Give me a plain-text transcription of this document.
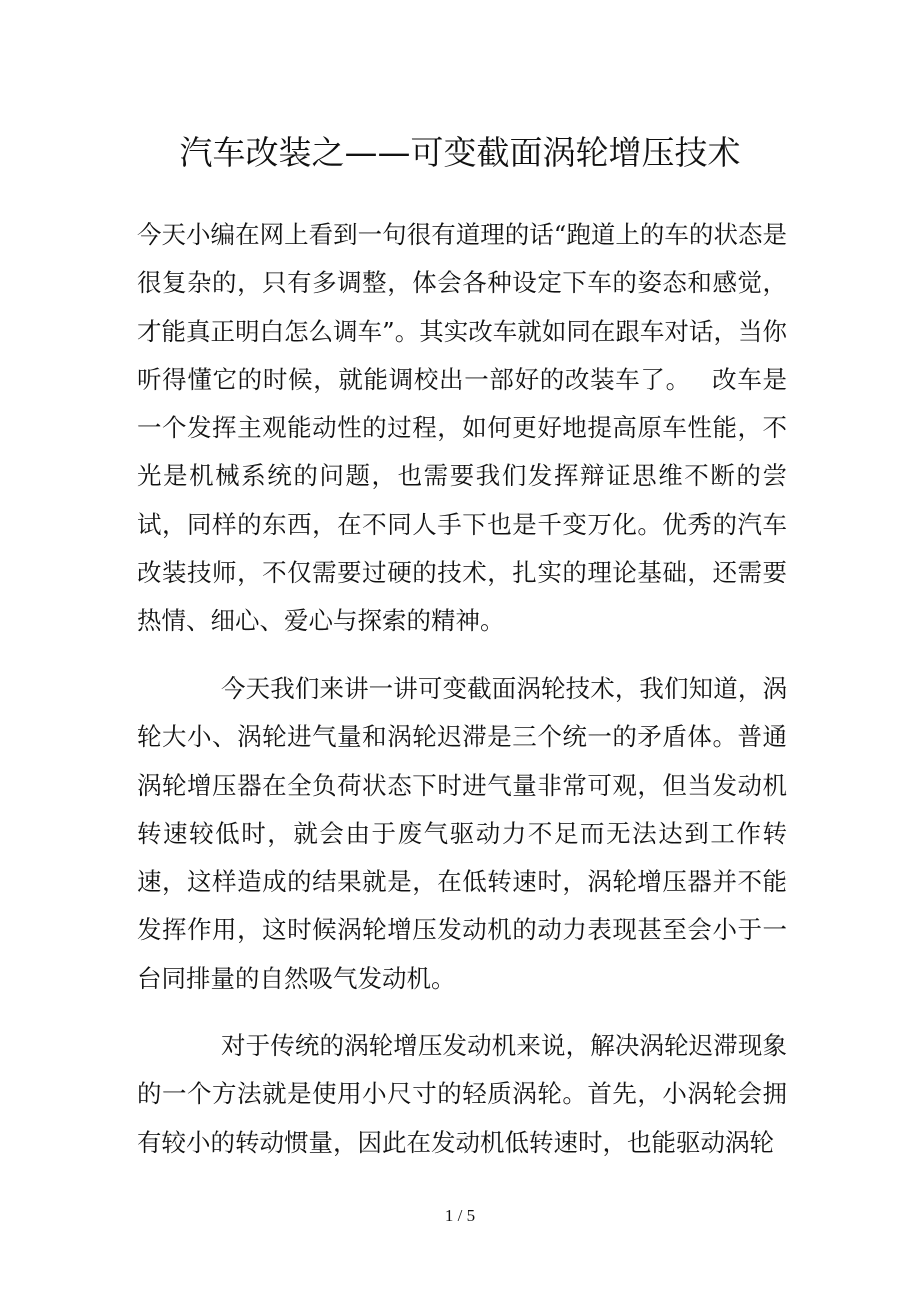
汽车改装之——可变截面涡轮增压技术

今天小编在网上看到一句很有道理的话“跑道上的车的状态是很复杂的，只有多调整，体会各种设定下车的姿态和感觉，才能真正明白怎么调车”。其实改车就如同在跟车对话，当你听得懂它的时候，就能调校出一部好的改装车了。　 改车是一个发挥主观能动性的过程，如何更好地提高原车性能，不光是机械系统的问题，也需要我们发挥辩证思维不断的尝试，同样的东西，在不同人手下也是千变万化。优秀的汽车改装技师，不仅需要过硬的技术，扎实的理论基础，还需要热情、细心、爱心与探索的精神。

今天我们来讲一讲可变截面涡轮技术，我们知道，涡轮大小、涡轮进气量和涡轮迟滞是三个统一的矛盾体。普通涡轮增压器在全负荷状态下时进气量非常可观，但当发动机转速较低时，就会由于废气驱动力不足而无法达到工作转速，这样造成的结果就是，在低转速时，涡轮增压器并不能发挥作用，这时候涡轮增压发动机的动力表现甚至会小于一台同排量的自然吸气发动机。

对于传统的涡轮增压发动机来说，解决涡轮迟滞现象的一个方法就是使用小尺寸的轻质涡轮。首先，小涡轮会拥有较小的转动惯量，因此在发动机低转速时，也能驱动涡轮

1 / 5
